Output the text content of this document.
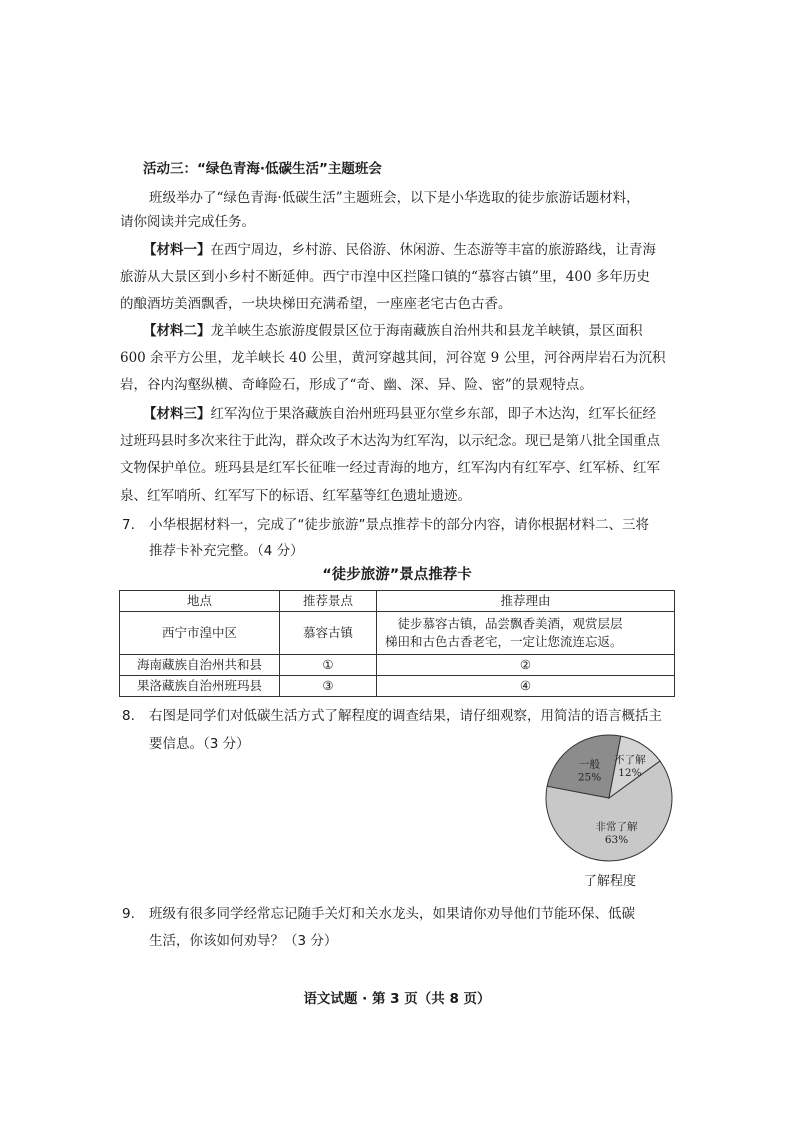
活动三：“绿色青海·低碳生活”主题班会
班级举办了“绿色青海·低碳生活”主题班会，以下是小华选取的徒步旅游话题材料，
请你阅读并完成任务。
【材料一】在西宁周边，乡村游、民俗游、休闲游、生态游等丰富的旅游路线，让青海
旅游从大景区到小乡村不断延伸。西宁市湟中区拦隆口镇的“慕容古镇”里，400 多年历史
的酿酒坊美酒飘香，一块块梯田充满希望，一座座老宅古色古香。
【材料二】龙羊峡生态旅游度假景区位于海南藏族自治州共和县龙羊峡镇，景区面积
600 余平方公里，龙羊峡长 40 公里，黄河穿越其间，河谷宽 9 公里，河谷两岸岩石为沉积
岩，谷内沟壑纵横、奇峰险石，形成了“奇、幽、深、异、险、密”的景观特点。
【材料三】红军沟位于果洛藏族自治州班玛县亚尔堂乡东部，即子木达沟，红军长征经
过班玛县时多次来往于此沟，群众改子木达沟为红军沟，以示纪念。现已是第八批全国重点
文物保护单位。班玛县是红军长征唯一经过青海的地方，红军沟内有红军亭、红军桥、红军
泉、红军哨所、红军写下的标语、红军墓等红色遗址遗迹。
7. 小华根据材料一，完成了“徒步旅游”景点推荐卡的部分内容，请你根据材料二、三将
推荐卡补充完整。（4 分）
“徒步旅游”景点推荐卡
地点	推荐景点	推荐理由
西宁市湟中区	慕容古镇	　徒步慕容古镇，品尝飘香美酒，观赏层层
梯田和古色古香老宅，一定让您流连忘返。

海南藏族自治州共和县	①	②
果洛藏族自治州班玛县	③	④
8. 右图是同学们对低碳生活方式了解程度的调查结果，请仔细观察，用简洁的语言概括主
要信息。（3 分）
非常了解
63%
一般
25%
不了解
12%
了解程度
9. 班级有很多同学经常忘记随手关灯和关水龙头，如果请你劝导他们节能环保、低碳
生活，你该如何劝导？（3 分）
语文试题 · 第 3 页（共 8 页）
